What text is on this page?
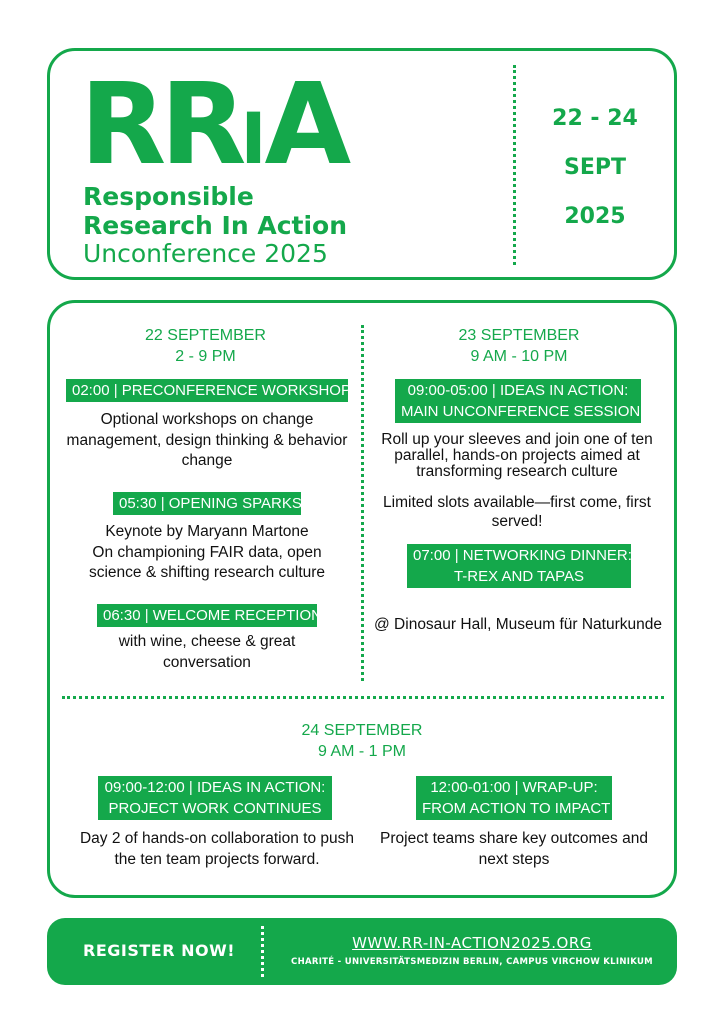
RRIA
Responsible
Research In Action
Unconference 2025
22 - 24
SEPT
2025
22 SEPTEMBER
2 - 9 PM
02:00 | PRECONFERENCE WORKSHOPS
Optional workshops on change management, design thinking & behavior change
05:30 | OPENING SPARKS
Keynote by Maryann Martone
On championing FAIR data, open science & shifting research culture
06:30 | WELCOME RECEPTION
with wine, cheese & great conversation
23 SEPTEMBER
9 AM - 10 PM
09:00-05:00 | IDEAS IN ACTION:
MAIN UNCONFERENCE SESSIONS
Roll up your sleeves and join one of ten parallel, hands-on projects aimed at transforming research culture
Limited slots available—first come, first served!
07:00 | NETWORKING DINNER:
T-REX AND TAPAS
@ Dinosaur Hall, Museum für Naturkunde
24 SEPTEMBER
9 AM - 1 PM
09:00-12:00 | IDEAS IN ACTION:
PROJECT WORK CONTINUES
Day 2 of hands-on collaboration to push the ten team projects forward.
12:00-01:00 | WRAP-UP:
FROM ACTION TO IMPACT
Project teams share key outcomes and next steps
REGISTER NOW!	WWW.RR-IN-ACTION2025.ORG
CHARITÉ - UNIVERSITÄTSMEDIZIN BERLIN, CAMPUS VIRCHOW KLINIKUM
